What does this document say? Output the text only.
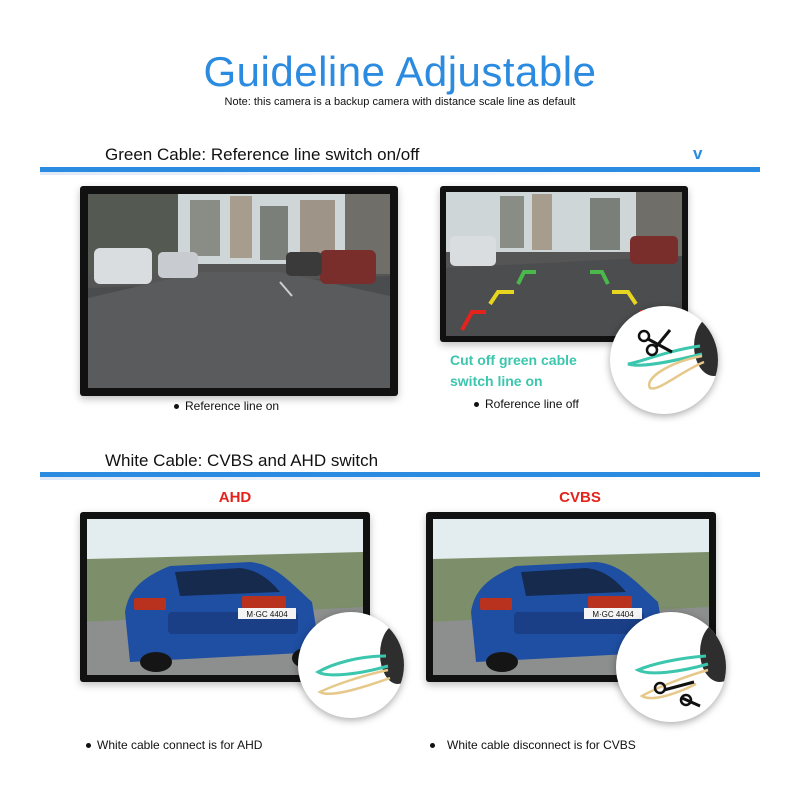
Guideline Adjustable
Note: this camera is a backup camera with distance scale line as default
Green Cable: Reference line switch on/off	v
Reference line on
Cut off green cable
switch line on
Roference line off
White Cable: CVBS and AHD switch
AHD	CVBS
M·GC 4404
White cable connect is for AHD
M·GC 4404
White cable disconnect is for CVBS
